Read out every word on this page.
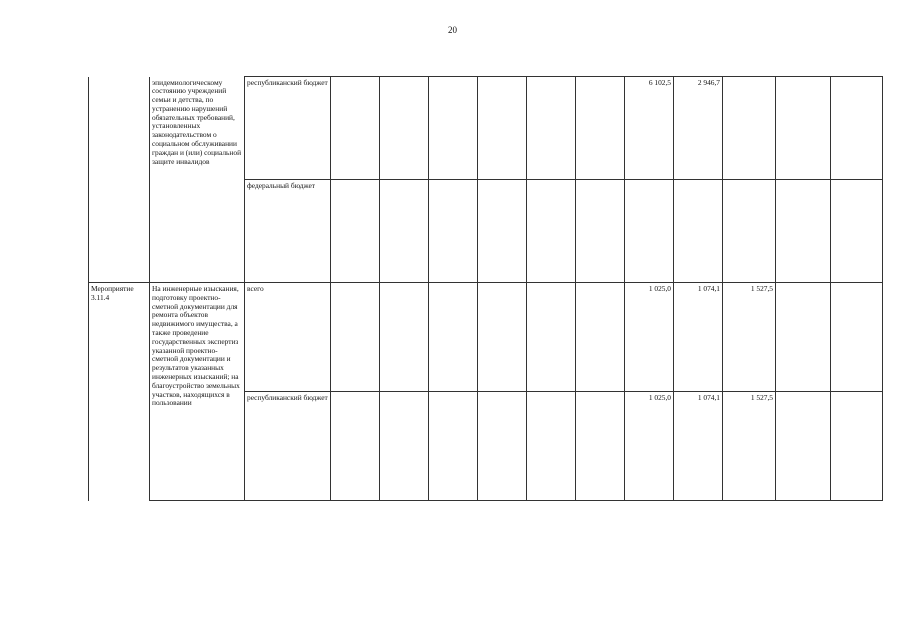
20

	эпидемиологическому состоянию учреждений семьи и детства, по устранению нарушений обязательных требований, установленных законодательством о социальном обслуживании граждан и (или) социальной защите инвалидов	республиканский бюджет							6 102,5	2 946,7			
		федеральный бюджет											
Мероприятие 3.11.4	На инженерные изыскания, подготовку проектно-сметной документации для ремонта объектов недвижимого имущества, а также проведение государственных экспертиз указанной проектно-сметной документации и результатов указанных инженерных изысканий; на благоустройство земельных участков, находящихся в пользовании	всего							1 025,0	1 074,1	1 527,5		
		республиканский бюджет							1 025,0	1 074,1	1 527,5		
